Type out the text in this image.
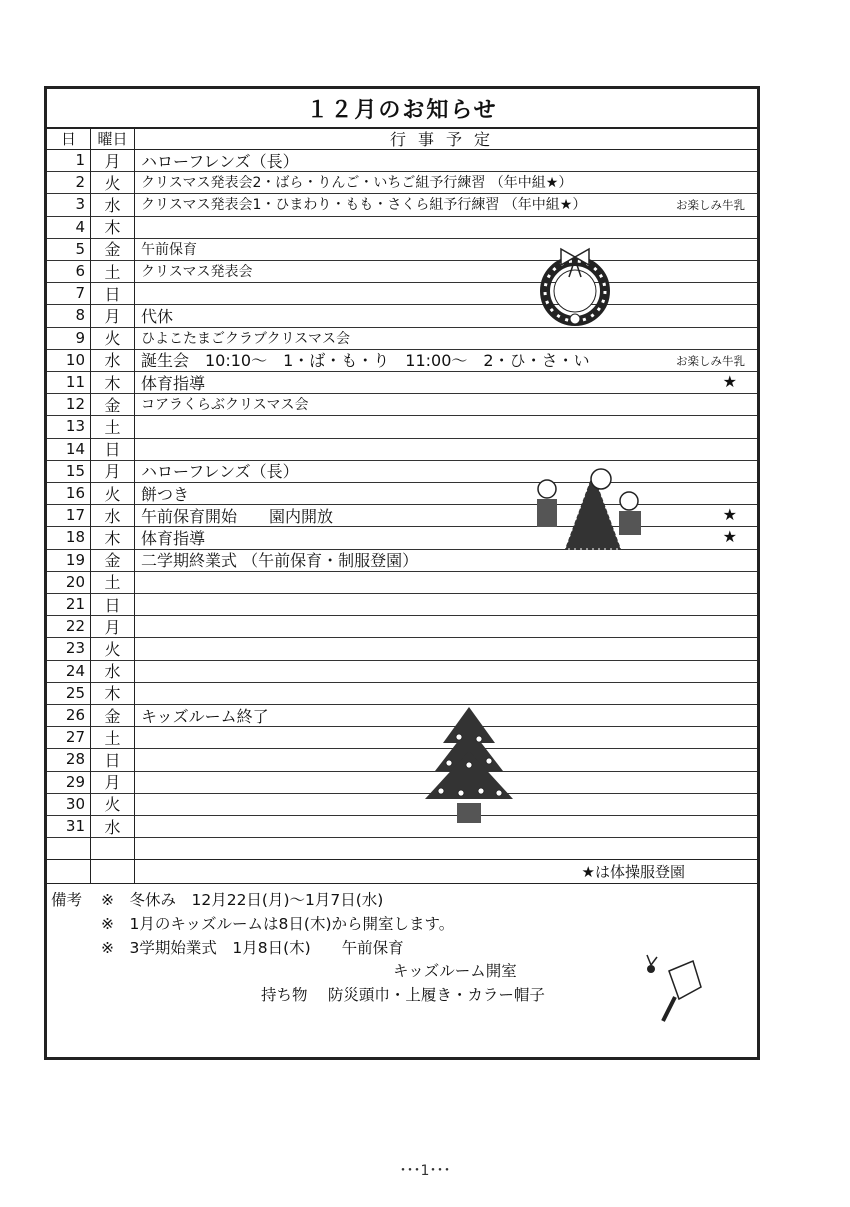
１２月のお知らせ
日	曜日	行事予定
1	月	ハローフレンズ（長）
2	火	クリスマス発表会2・ばら・りんご・いちご組予行練習 （年中組★）
3	水	クリスマス発表会1・ひまわり・もも・さくら組予行練習 （年中組★）	お楽しみ牛乳
4	木
5	金	午前保育
6	土	クリスマス発表会
7	日
8	月	代休
9	火	ひよこたまごクラブクリスマス会
10	水	誕生会　10:10～　1・ば・も・り　11:00～　2・ひ・さ・い	お楽しみ牛乳
11	木	体育指導	★
12	金	コアラくらぶクリスマス会
13	土
14	日
15	月	ハローフレンズ（長）
16	火	餅つき
17	水	午前保育開始　　園内開放	★
18	木	体育指導	★
19	金	二学期終業式 （午前保育・制服登園）
20	土
21	日
22	月
23	火
24	水
25	木
26	金	キッズルーム終了
27	土
28	日
29	月
30	火
31	水
★は体操服登園
備考 ※　冬休み　12月22日(月)～1月7日(水)
※　1月のキッズルームは8日(木)から開室します。
※　3学期始業式　1月8日(木)　　午前保育
キッズルーム開室
持ち物　 防災頭巾・上履き・カラー帽子
･･･1･･･
